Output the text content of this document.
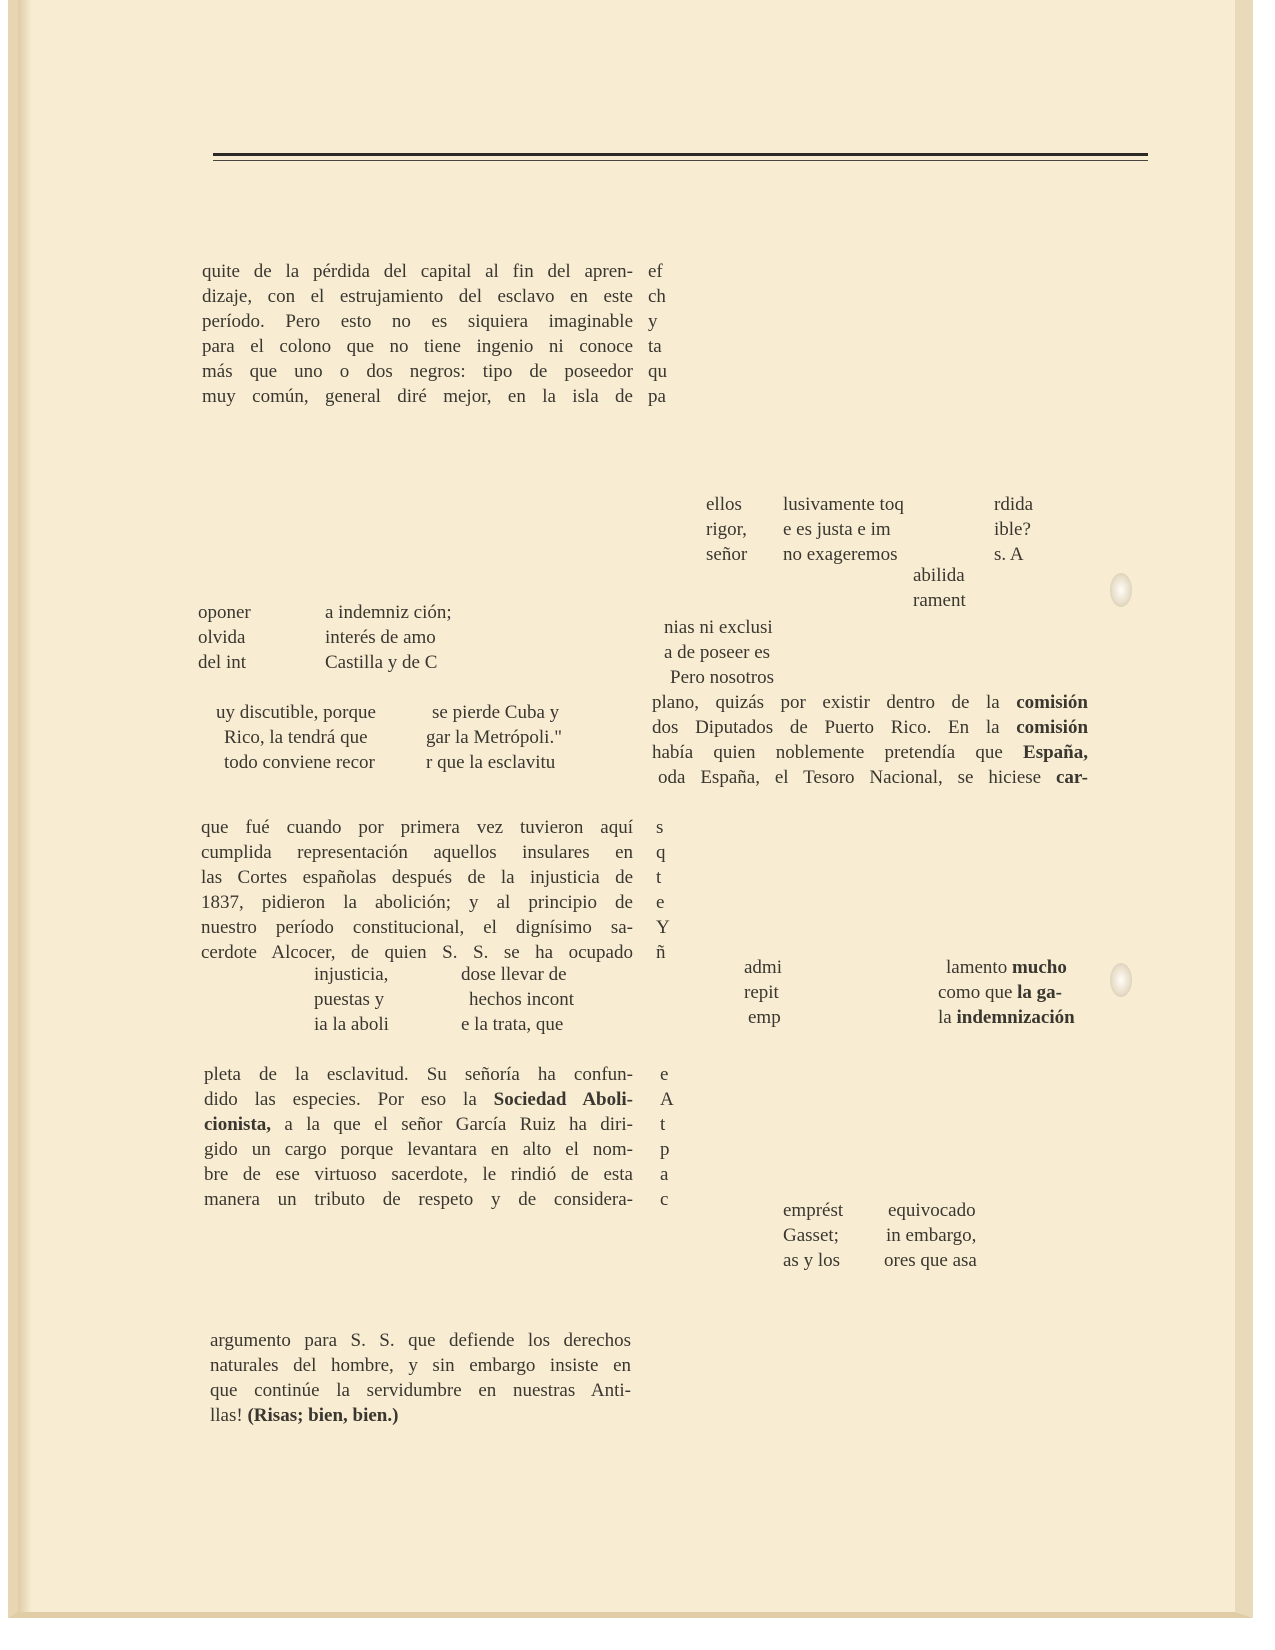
quite de la pérdida del capital al fin del apren-
dizaje, con el estrujamiento del esclavo en este
período. Pero esto no es siquiera imaginable
para el colono que no tiene ingenio ni conoce
más que uno o dos negros: tipo de poseedor
muy común, general diré mejor, en la isla de
ef
ch
y
ta
qu
pa
ellos
rigor,
señor
lusivamente toq
e es justa e im
no exageremos
rdida
ible?
s. A
abilida
rament
oponer
olvida
del int
a indemniz ción;
interés de amo
Castilla y de C
nias ni exclusi
a de poseer es
Pero nosotros
uy discutible, porque
Rico, la tendrá que
todo conviene recor
se pierde Cuba y
gar la Metrópoli."
r que la esclavitu
plano, quizás por existir dentro de la comisión
dos Diputados de Puerto Rico. En la comisión
había quien noblemente pretendía que España,
oda España, el Tesoro Nacional, se hiciese car-
que fué cuando por primera vez tuvieron aquí
cumplida representación aquellos insulares en
las Cortes españolas después de la injusticia de
1837, pidieron la abolición; y al principio de
nuestro período constitucional, el dignísimo sa-
cerdote Alcocer, de quien S. S. se ha ocupado
s
q
t
e
Y
ñ
injusticia,
puestas y
ia la aboli
dose llevar de
hechos incont
e la trata, que
admi
repit
emp
lamento mucho
como que la ga-
la indemnización
pleta de la esclavitud. Su señoría ha confun-
dido las especies. Por eso la Sociedad Aboli-
cionista, a la que el señor García Ruiz ha diri-
gido un cargo porque levantara en alto el nom-
bre de ese virtuoso sacerdote, le rindió de esta
manera un tributo de respeto y de considera-
e
A
t
p
a
c
emprést
Gasset;
as y los
equivocado
in embargo,
ores que asa
argumento para S. S. que defiende los derechos
naturales del hombre, y sin embargo insiste en
que continúe la servidumbre en nuestras Anti-
llas! (Risas; bien, bien.)
